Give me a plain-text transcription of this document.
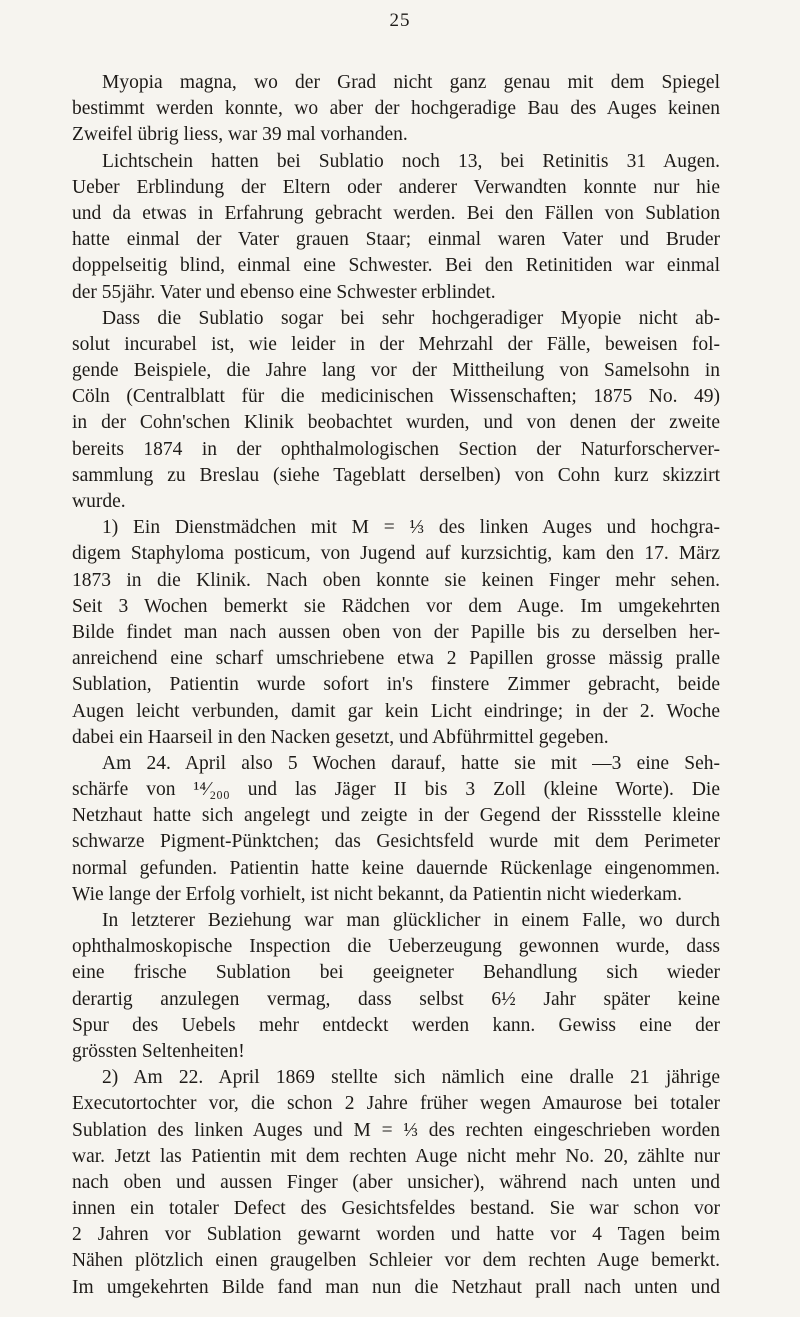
25
Myopia magna, wo der Grad nicht ganz genau mit dem Spiegel
bestimmt werden konnte, wo aber der hochgeradige Bau des Auges keinen
Zweifel übrig liess, war 39 mal vorhanden.
Lichtschein hatten bei Sublatio noch 13, bei Retinitis 31 Augen.
Ueber Erblindung der Eltern oder anderer Verwandten konnte nur hie
und da etwas in Erfahrung gebracht werden. Bei den Fällen von Sublation
hatte einmal der Vater grauen Staar; einmal waren Vater und Bruder
doppelseitig blind, einmal eine Schwester. Bei den Retinitiden war einmal
der 55jähr. Vater und ebenso eine Schwester erblindet.
Dass die Sublatio sogar bei sehr hochgeradiger Myopie nicht ab-
solut incurabel ist, wie leider in der Mehrzahl der Fälle, beweisen fol-
gende Beispiele, die Jahre lang vor der Mittheilung von Samelsohn in
Cöln (Centralblatt für die medicinischen Wissenschaften; 1875 No. 49)
in der Cohn'schen Klinik beobachtet wurden, und von denen der zweite
bereits 1874 in der ophthalmologischen Section der Naturforscherver-
sammlung zu Breslau (siehe Tageblatt derselben) von Cohn kurz skizzirt
wurde.
1) Ein Dienstmädchen mit M = ⅓ des linken Auges und hochgra-
digem Staphyloma posticum, von Jugend auf kurzsichtig, kam den 17. März
1873 in die Klinik. Nach oben konnte sie keinen Finger mehr sehen.
Seit 3 Wochen bemerkt sie Rädchen vor dem Auge. Im umgekehrten
Bilde findet man nach aussen oben von der Papille bis zu derselben her-
anreichend eine scharf umschriebene etwa 2 Papillen grosse mässig pralle
Sublation, Patientin wurde sofort in's finstere Zimmer gebracht, beide
Augen leicht verbunden, damit gar kein Licht eindringe; in der 2. Woche
dabei ein Haarseil in den Nacken gesetzt, und Abführmittel gegeben.
Am 24. April also 5 Wochen darauf, hatte sie mit —3 eine Seh-
schärfe von ¹⁴⁄₂₀₀ und las Jäger II bis 3 Zoll (kleine Worte). Die
Netzhaut hatte sich angelegt und zeigte in der Gegend der Rissstelle kleine
schwarze Pigment-Pünktchen; das Gesichtsfeld wurde mit dem Perimeter
normal gefunden. Patientin hatte keine dauernde Rückenlage eingenommen.
Wie lange der Erfolg vorhielt, ist nicht bekannt, da Patientin nicht wiederkam.
In letzterer Beziehung war man glücklicher in einem Falle, wo durch
ophthalmoskopische Inspection die Ueberzeugung gewonnen wurde, dass
eine frische Sublation bei geeigneter Behandlung sich wieder
derartig anzulegen vermag, dass selbst 6½ Jahr später keine
Spur des Uebels mehr entdeckt werden kann. Gewiss eine der
grössten Seltenheiten!
2) Am 22. April 1869 stellte sich nämlich eine dralle 21 jährige
Executortochter vor, die schon 2 Jahre früher wegen Amaurose bei totaler
Sublation des linken Auges und M = ⅓ des rechten eingeschrieben worden
war. Jetzt las Patientin mit dem rechten Auge nicht mehr No. 20, zählte nur
nach oben und aussen Finger (aber unsicher), während nach unten und
innen ein totaler Defect des Gesichtsfeldes bestand. Sie war schon vor
2 Jahren vor Sublation gewarnt worden und hatte vor 4 Tagen beim
Nähen plötzlich einen graugelben Schleier vor dem rechten Auge bemerkt.
Im umgekehrten Bilde fand man nun die Netzhaut prall nach unten und
